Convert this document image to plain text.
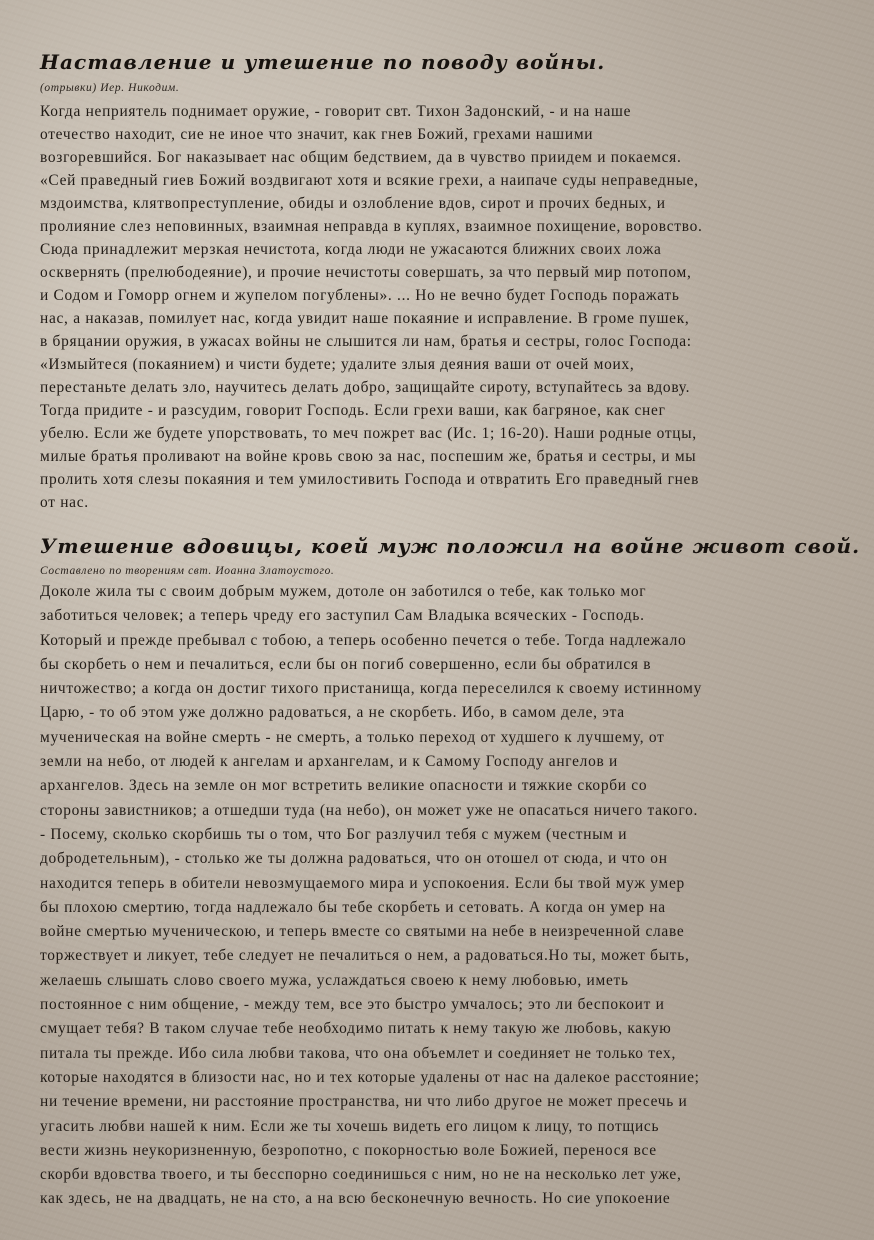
Наставление и утешение по поводу войны.

(отрывки) Иер. Никодим.

Когда неприятель поднимает оружие, - говорит свт. Тихон Задонский, - и на наше
отечество находит, сие не иное что значит, как гнев Божий, грехами нашими
возгоревшийся. Бог наказывает нас общим бедствием, да в чувство приидем и покаемся.
«Сей праведный гиев Божий воздвигают хотя и всякие грехи, а наипаче суды неправедные,
мздоимства, клятвопреступление, обиды и озлобление вдов, сирот и прочих бедных, и
пролияние слез неповинных, взаимная неправда в куплях, взаимное похищение, воровство.
Сюда принадлежит мерзкая нечистота, когда люди не ужасаются ближних своих ложа
осквернять (прелюбодеяние), и прочие нечистоты совершать, за что первый мир потопом,
и Содом и Гоморр огнем и жупелом погублены». ... Но не вечно будет Господь поражать
нас, а наказав, помилует нас, когда увидит наше покаяние и исправление. В громе пушек,
в бряцании оружия, в ужасах войны не слышится ли нам, братья и сестры, голос Господа:
«Измыйтеся (покаянием) и чисти будете; удалите злыя деяния ваши от очей моих,
перестаньте делать зло, научитесь делать добро, защищайте сироту, вступайтесь за вдову.
Тогда придите - и разсудим, говорит Господь. Если грехи ваши, как багряное, как снег
убелю. Если же будете упорствовать, то меч пожрет вас (Ис. 1; 16-20). Наши родные отцы,
милые братья проливают на войне кровь свою за нас, поспешим же, братья и сестры, и мы
пролить хотя слезы покаяния и тем умилостивить Господа и отвратить Его праведный гнев
от нас.
Утешение вдовицы, коей муж положил на войне живот свой.

Составлено по творениям свт. Иоанна Златоустого.

Доколе жила ты с своим добрым мужем, дотоле он заботился о тебе, как только мог
заботиться человек; а теперь чреду его заступил Сам Владыка всяческих - Господь.
Который и прежде пребывал с тобою, а теперь особенно печется о тебе. Тогда надлежало
бы скорбеть о нем и печалиться, если бы он погиб совершенно, если бы обратился в
ничтожество; а когда он достиг тихого пристанища, когда переселился к своему истинному
Царю, - то об этом уже должно радоваться, а не скорбеть. Ибо, в самом деле, эта
мученическая на войне смерть - не смерть, а только переход от худшего к лучшему, от
земли на небо, от людей к ангелам и архангелам, и к Самому Господу ангелов и
архангелов. Здесь на земле он мог встретить великие опасности и тяжкие скорби со
стороны завистников; а отшедши туда (на небо), он может уже не опасаться ничего такого.
- Посему, сколько скорбишь ты о том, что Бог разлучил тебя с мужем (честным и
добродетельным), - столько же ты должна радоваться, что он отошел от сюда, и что он
находится теперь в обители невозмущаемого мира и успокоения. Если бы твой муж умер
бы плохою смертию, тогда надлежало бы тебе скорбеть и сетовать. А когда он умер на
войне смертью мученическою, и теперь вместе со святыми на небе в неизреченной славе
торжествует и ликует, тебе следует не печалиться о нем, а радоваться.Но ты, может быть,
желаешь слышать слово своего мужа, услаждаться своею к нему любовью, иметь
постоянное с ним общение, - между тем, все это быстро умчалось; это ли беспокоит и
смущает тебя? В таком случае тебе необходимо питать к нему такую же любовь, какую
питала ты прежде. Ибо сила любви такова, что она объемлет и соединяет не только тех,
которые находятся в близости нас, но и тех которые удалены от нас на далекое расстояние;
ни течение времени, ни расстояние пространства, ни что либо другое не может пресечь и
угасить любви нашей к ним. Если же ты хочешь видеть его лицом к лицу, то потщись
вести жизнь неукоризненную, безропотно, с покорностью воле Божией, перенося все
скорби вдовства твоего, и ты бесспорно соединишься с ним, но не на несколько лет уже,
как здесь, не на двадцать, не на сто, а на всю бесконечную вечность. Но сие упокоение
